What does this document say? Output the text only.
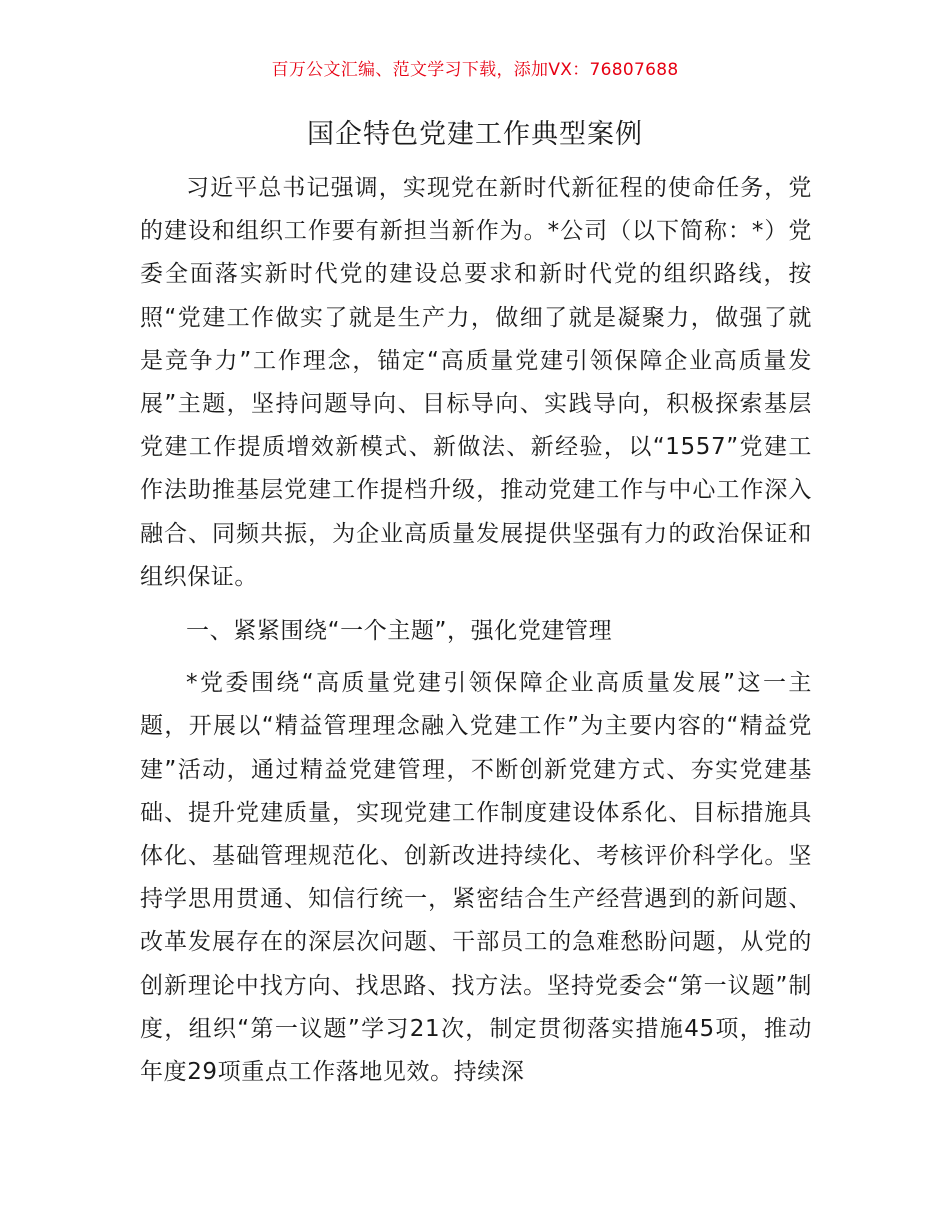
百万公文汇编、范文学习下载，添加VX：76807688
国企特色党建工作典型案例

习近平总书记强调，实现党在新时代新征程的使命任务，党的建设和组织工作要有新担当新作为。*公司（以下简称：*）党委全面落实新时代党的建设总要求和新时代党的组织路线，按照“党建工作做实了就是生产力，做细了就是凝聚力，做强了就是竞争力”工作理念，锚定“高质量党建引领保障企业高质量发展”主题，坚持问题导向、目标导向、实践导向，积极探索基层党建工作提质增效新模式、新做法、新经验，以“1557”党建工作法助推基层党建工作提档升级，推动党建工作与中心工作深入融合、同频共振，为企业高质量发展提供坚强有力的政治保证和组织保证。

一、紧紧围绕“一个主题”，强化党建管理

*党委围绕“高质量党建引领保障企业高质量发展”这一主题，开展以“精益管理理念融入党建工作”为主要内容的“精益党建”活动，通过精益党建管理，不断创新党建方式、夯实党建基础、提升党建质量，实现党建工作制度建设体系化、目标措施具体化、基础管理规范化、创新改进持续化、考核评价科学化。坚持学思用贯通、知信行统一，紧密结合生产经营遇到的新问题、改革发展存在的深层次问题、干部员工的急难愁盼问题，从党的创新理论中找方向、找思路、找方法。坚持党委会“第一议题”制度，组织“第一议题”学习21次，制定贯彻落实措施45项，推动年度29项重点工作落地见效。持续深
